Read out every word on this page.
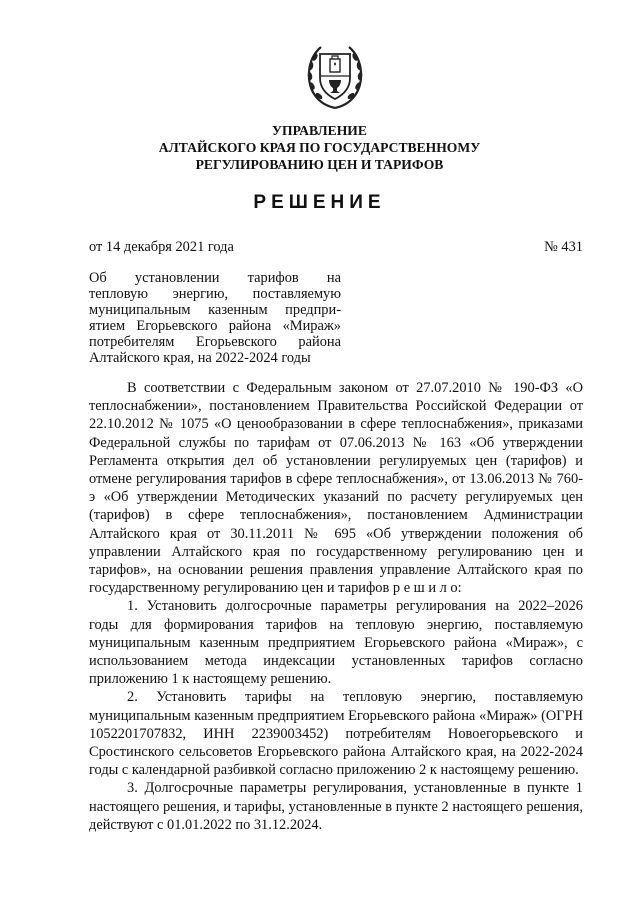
УПРАВЛЕНИЕ
АЛТАЙСКОГО КРАЯ ПО ГОСУДАРСТВЕННОМУ
РЕГУЛИРОВАНИЮ ЦЕН И ТАРИФОВ
РЕШЕНИЕ

от 14 декабря 2021 года	№ 431

Об установлении тарифов на
тепловую энергию, поставляемую
муниципальным казенным предпри-
ятием Егорьевского района «Мираж»
потребителям Егорьевского района
Алтайского края, на 2022-2024 годы

В соответствии с Федеральным законом от 27.07.2010 № 190-ФЗ «О теплоснабжении», постановлением Правительства Российской Федерации от 22.10.2012 № 1075 «О ценообразовании в сфере теплоснабжения», приказами Федеральной службы по тарифам от 07.06.2013 № 163 «Об утверждении Регламента открытия дел об установлении регулируемых цен (тарифов) и отмене регулирования тарифов в сфере теплоснабжения», от 13.06.2013 № 760-э «Об утверждении Методических указаний по расчету регулируемых цен (тарифов) в сфере теплоснабжения», постановлением Администрации Алтайского края от 30.11.2011 № 695 «Об утверждении положения об управлении Алтайского края по государственному регулированию цен и тарифов», на основании решения правления управление Алтайского края по государственному регулированию цен и тарифов р е ш и л о:

1. Установить долгосрочные параметры регулирования на 2022–2026 годы для формирования тарифов на тепловую энергию, поставляемую муниципальным казенным предприятием Егорьевского района «Мираж», с использованием метода индексации установленных тарифов согласно приложению 1 к настоящему решению.

2. Установить тарифы на тепловую энергию, поставляемую муниципальным казенным предприятием Егорьевского района «Мираж» (ОГРН 1052201707832, ИНН 2239003452) потребителям Новоегорьевского и Сростинского сельсоветов Егорьевского района Алтайского края, на 2022-2024 годы с календарной разбивкой согласно приложению 2 к настоящему решению.

3. Долгосрочные параметры регулирования, установленные в пункте 1 настоящего решения, и тарифы, установленные в пункте 2 настоящего решения, действуют с 01.01.2022 по 31.12.2024.
